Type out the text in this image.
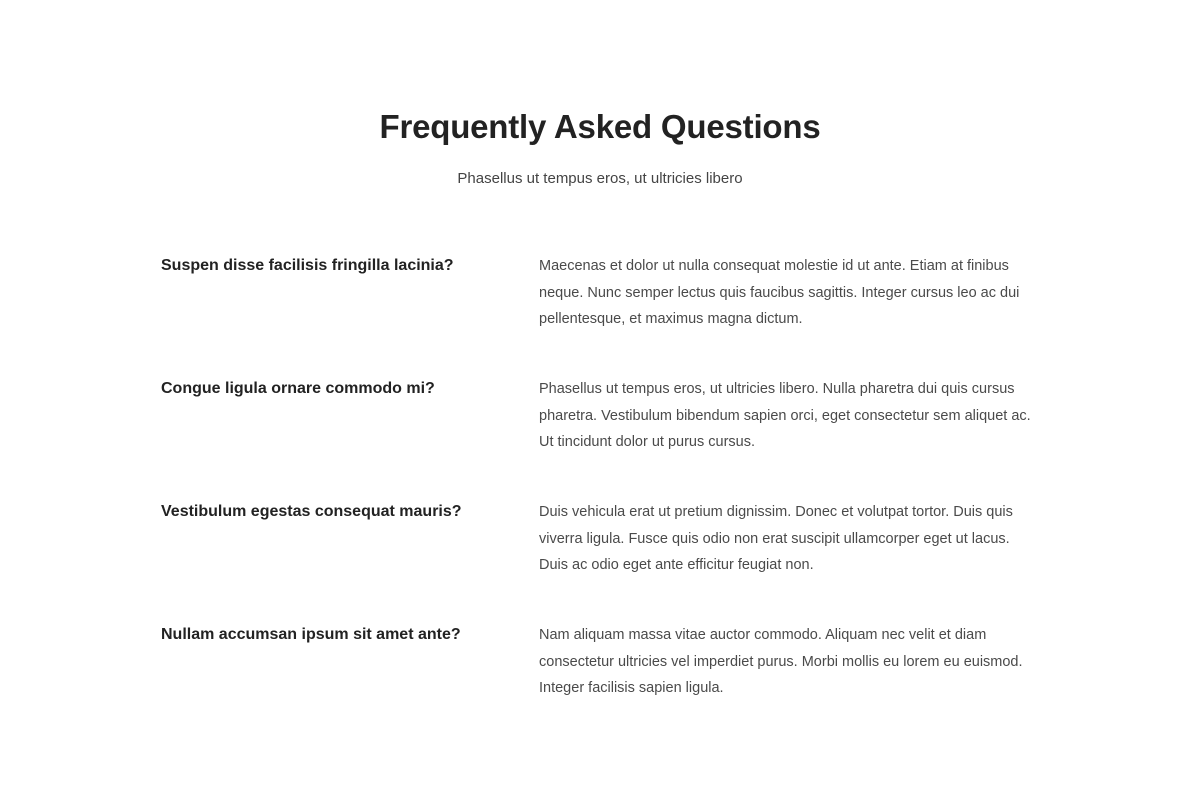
Frequently Asked Questions

Phasellus ut tempus eros, ut ultricies libero

Suspen disse facilisis fringilla lacinia?	Maecenas et dolor ut nulla consequat molestie id ut ante. Etiam at finibus neque. Nunc semper lectus quis faucibus sagittis. Integer cursus leo ac dui pellentesque, et maximus magna dictum.

Congue ligula ornare commodo mi?	Phasellus ut tempus eros, ut ultricies libero. Nulla pharetra dui quis cursus pharetra. Vestibulum bibendum sapien orci, eget consectetur sem aliquet ac. Ut tincidunt dolor ut purus cursus.

Vestibulum egestas consequat mauris?	Duis vehicula erat ut pretium dignissim. Donec et volutpat tortor. Duis quis viverra ligula. Fusce quis odio non erat suscipit ullamcorper eget ut lacus. Duis ac odio eget ante efficitur feugiat non.

Nullam accumsan ipsum sit amet ante?	Nam aliquam massa vitae auctor commodo. Aliquam nec velit et diam consectetur ultricies vel imperdiet purus. Morbi mollis eu lorem eu euismod. Integer facilisis sapien ligula.
